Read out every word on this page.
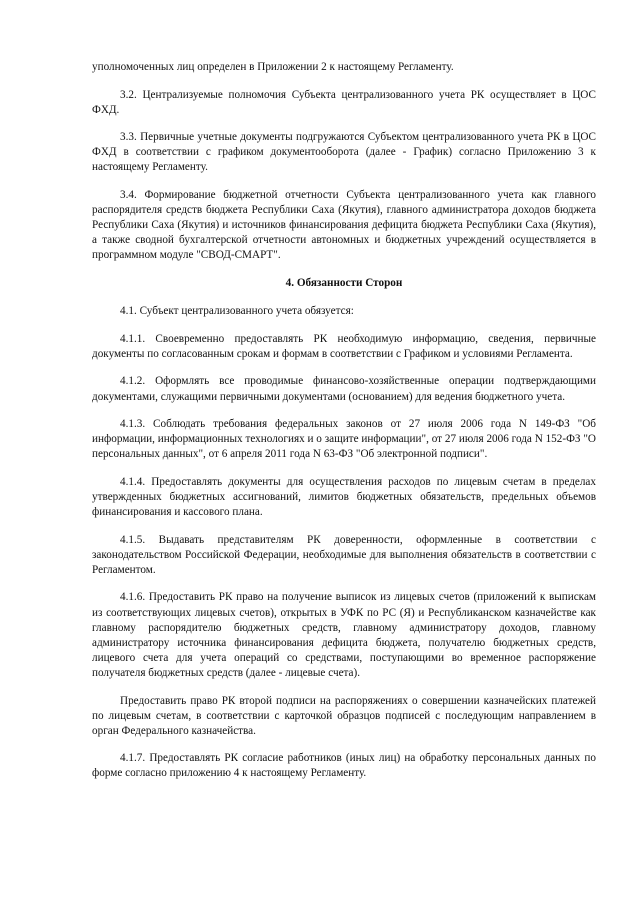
уполномоченных лиц определен в Приложении 2 к настоящему Регламенту.

3.2. Централизуемые полномочия Субъекта централизованного учета РК осуществляет в ЦОС ФХД.

3.3. Первичные учетные документы подгружаются Субъектом централизованного учета РК в ЦОС ФХД в соответствии с графиком документооборота (далее - График) согласно Приложению 3 к настоящему Регламенту.

3.4. Формирование бюджетной отчетности Субъекта централизованного учета как главного распорядителя средств бюджета Республики Саха (Якутия), главного администратора доходов бюджета Республики Саха (Якутия) и источников финансирования дефицита бюджета Республики Саха (Якутия), а также сводной бухгалтерской отчетности автономных и бюджетных учреждений осуществляется в программном модуле "СВОД-СМАРТ".

4. Обязанности Сторон

4.1. Субъект централизованного учета обязуется:

4.1.1. Своевременно предоставлять РК необходимую информацию, сведения, первичные документы по согласованным срокам и формам в соответствии с Графиком и условиями Регламента.

4.1.2. Оформлять все проводимые финансово-хозяйственные операции подтверждающими документами, служащими первичными документами (основанием) для ведения бюджетного учета.

4.1.3. Соблюдать требования федеральных законов от 27 июля 2006 года N 149-ФЗ "Об информации, информационных технологиях и о защите информации", от 27 июля 2006 года N 152-ФЗ "О персональных данных", от 6 апреля 2011 года N 63-ФЗ "Об электронной подписи".

4.1.4. Предоставлять документы для осуществления расходов по лицевым счетам в пределах утвержденных бюджетных ассигнований, лимитов бюджетных обязательств, предельных объемов финансирования и кассового плана.

4.1.5. Выдавать представителям РК доверенности, оформленные в соответствии с законодательством Российской Федерации, необходимые для выполнения обязательств в соответствии с Регламентом.

4.1.6. Предоставить РК право на получение выписок из лицевых счетов (приложений к выпискам из соответствующих лицевых счетов), открытых в УФК по РС (Я) и Республиканском казначействе как главному распорядителю бюджетных средств, главному администратору доходов, главному администратору источника финансирования дефицита бюджета, получателю бюджетных средств, лицевого счета для учета операций со средствами, поступающими во временное распоряжение получателя бюджетных средств (далее - лицевые счета).

Предоставить право РК второй подписи на распоряжениях о совершении казначейских платежей по лицевым счетам, в соответствии с карточкой образцов подписей с последующим направлением в орган Федерального казначейства.

4.1.7. Предоставлять РК согласие работников (иных лиц) на обработку персональных данных по форме согласно приложению 4 к настоящему Регламенту.
